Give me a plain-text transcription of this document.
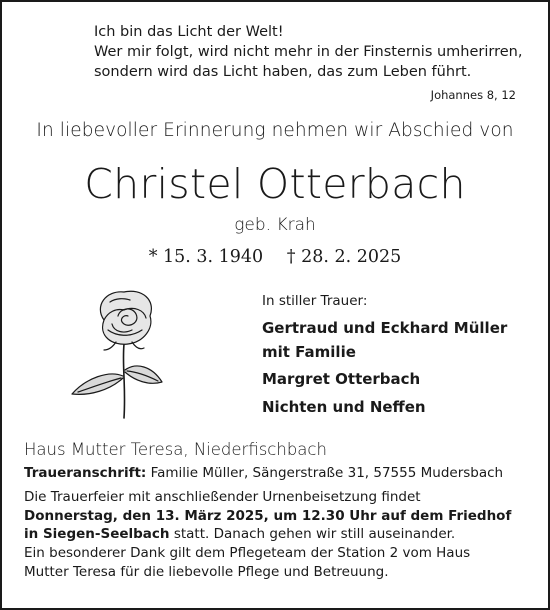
Ich bin das Licht der Welt!
Wer mir folgt, wird nicht mehr in der Finsternis umherirren,
sondern wird das Licht haben, das zum Leben führt.
Johannes 8, 12
In liebevoller Erinnerung nehmen wir Abschied von
Christel Otterbach
geb. Krah
* 15. 3. 1940 † 28. 2. 2025
In stiller Trauer:
Gertraud und Eckhard Müller
mit Familie
Margret Otterbach
Nichten und Neffen
Haus Mutter Teresa, Niederfischbach
Traueranschrift: Familie Müller, Sängerstraße 31, 57555 Mudersbach
Die Trauerfeier mit anschließender Urnenbeisetzung findet
Donnerstag, den 13. März 2025, um 12.30 Uhr auf dem Friedhof
in Siegen-Seelbach statt. Danach gehen wir still auseinander.
Ein besonderer Dank gilt dem Pflegeteam der Station 2 vom Haus
Mutter Teresa für die liebevolle Pflege und Betreuung.
